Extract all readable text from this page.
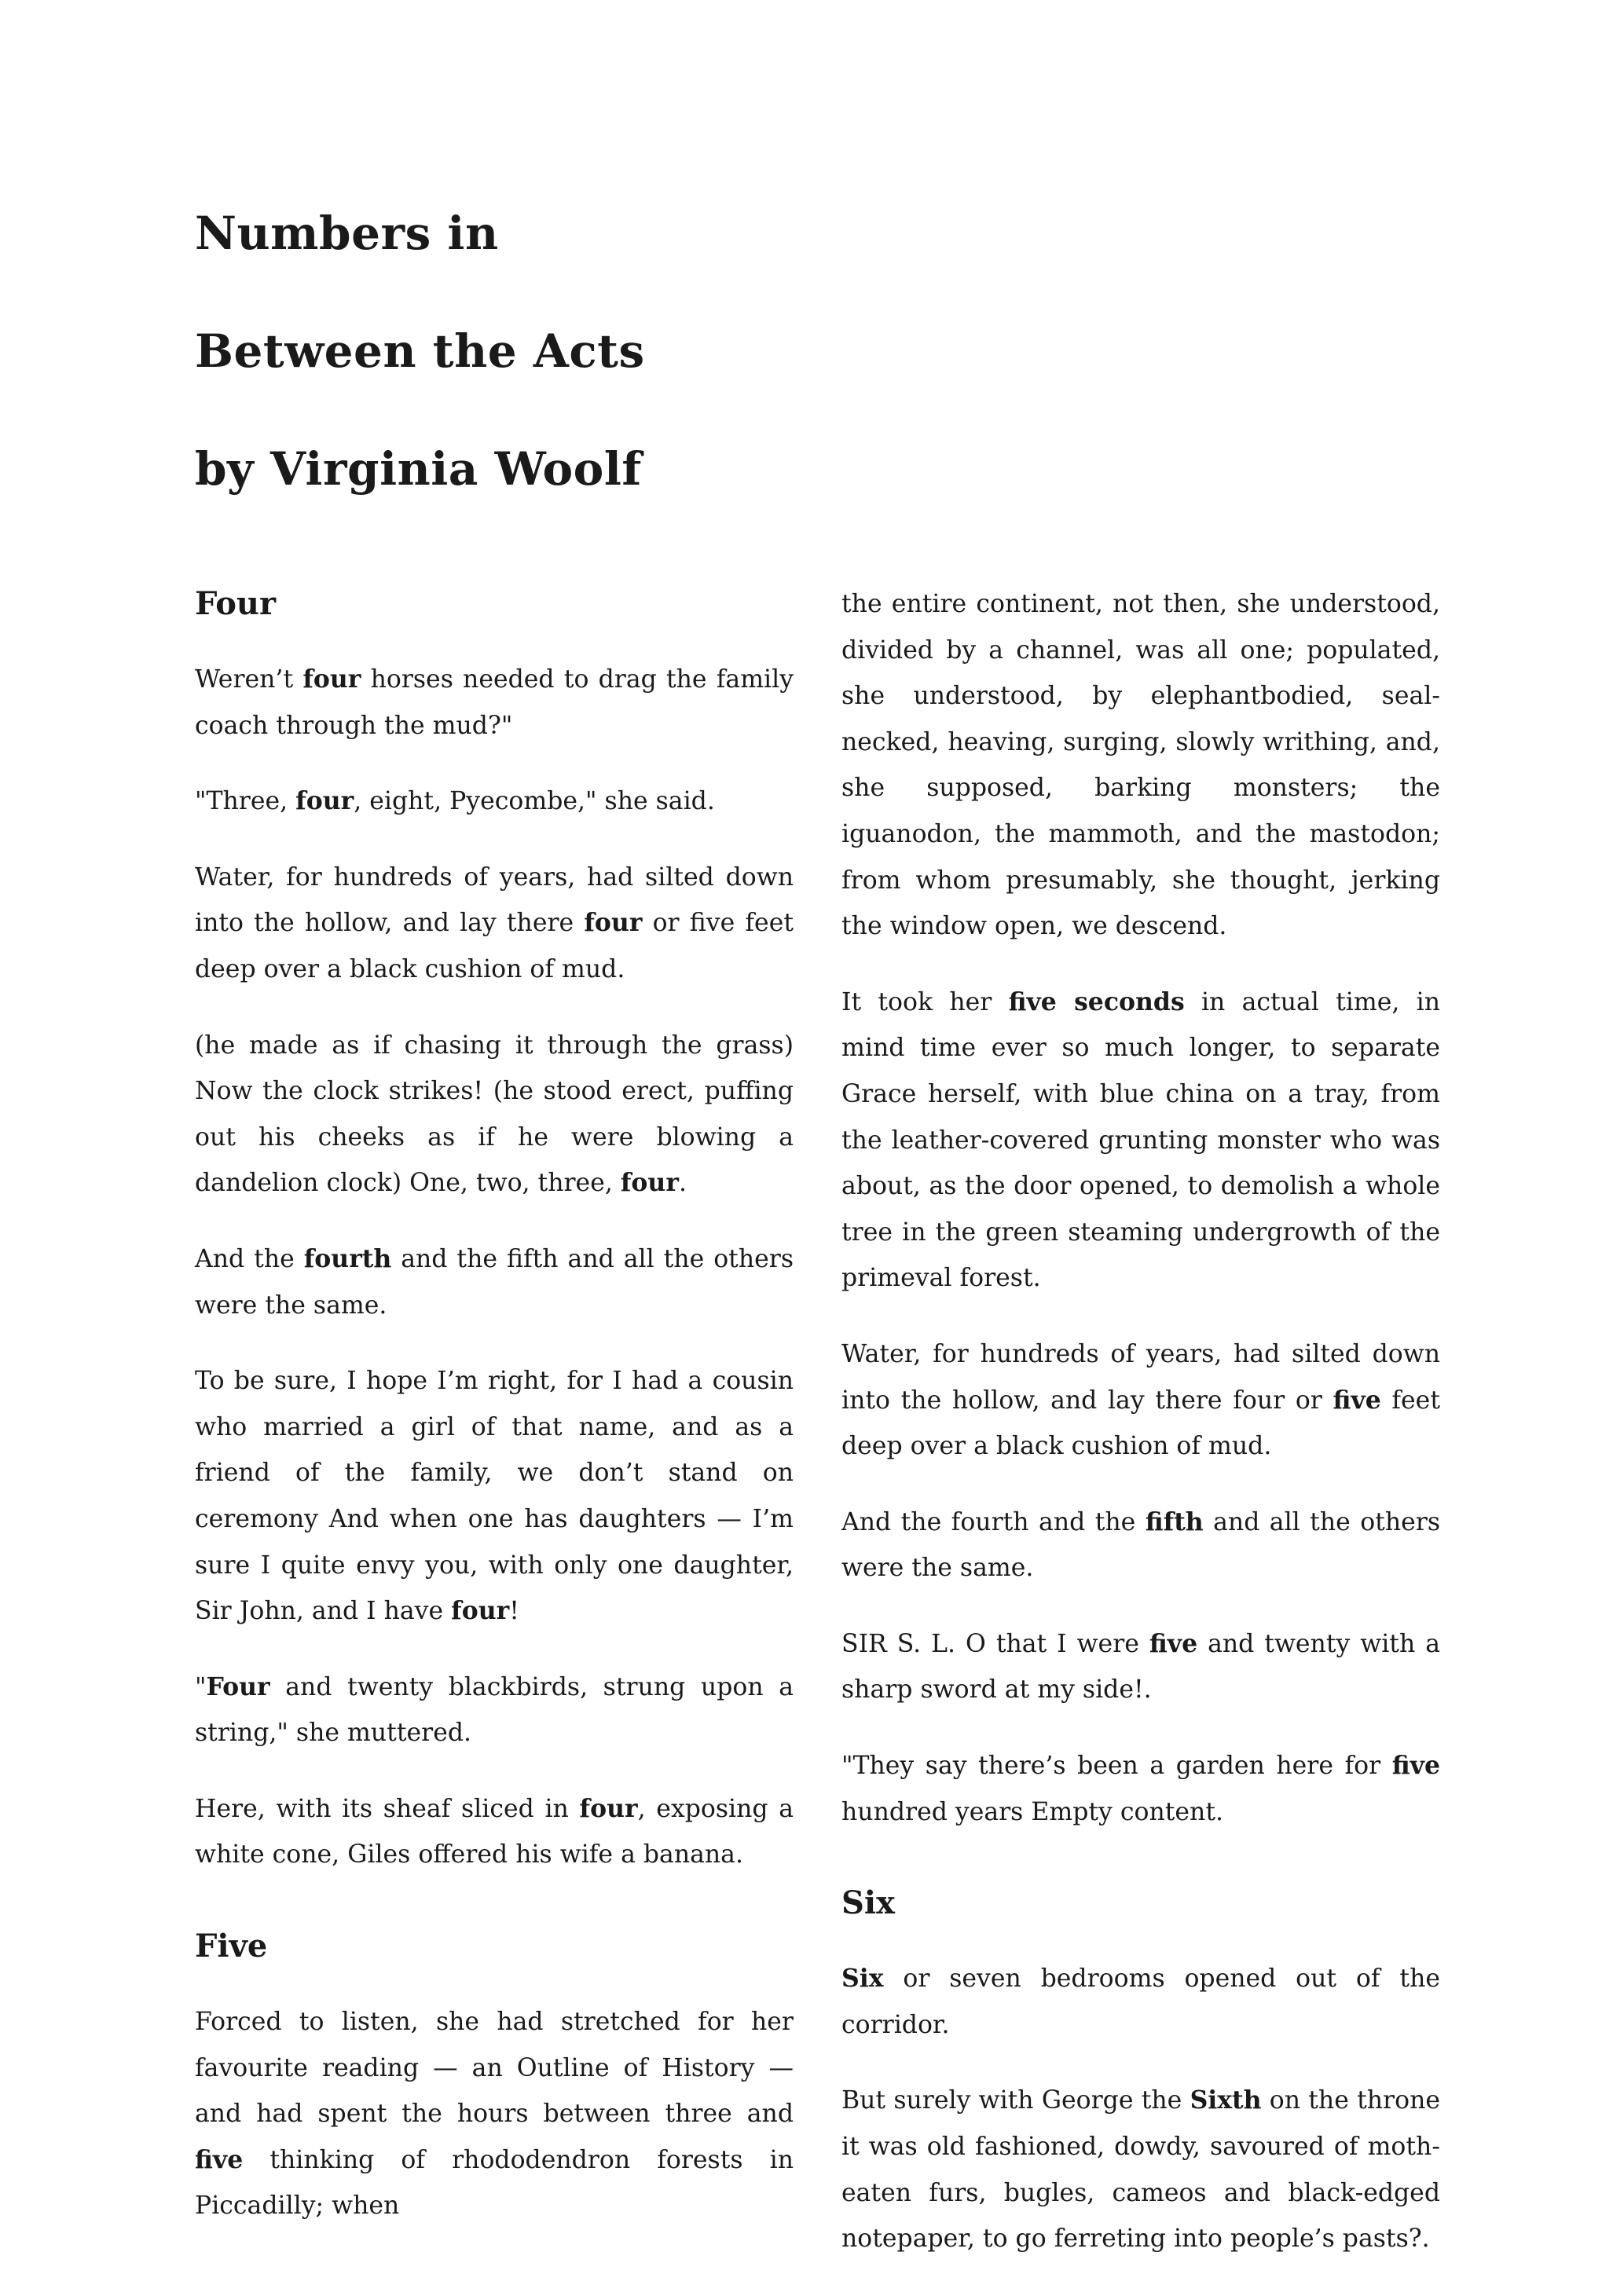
Numbers in
Between the Acts
by Virginia Woolf
Four

Weren’t four horses needed to drag the family coach through the mud?"

"Three, four, eight, Pyecombe," she said.

Water, for hundreds of years, had silted down into the hollow, and lay there four or five feet deep over a black cushion of mud.

(he made as if chasing it through the grass) Now the clock strikes! (he stood erect, puffing out his cheeks as if he were blowing a dandelion clock) One, two, three, four.

And the fourth and the fifth and all the others were the same.

To be sure, I hope I’m right, for I had a cousin who married a girl of that name, and as a friend of the family, we don’t stand on ceremony And when one has daughters — I’m sure I quite envy you, with only one daughter, Sir John, and I have four!

"Four and twenty blackbirds, strung upon a string," she muttered.

Here, with its sheaf sliced in four, exposing a white cone, Giles offered his wife a banana.

Five

Forced to listen, she had stretched for her favourite reading — an Outline of History — and had spent the hours between three and five thinking of rhododendron forests in Piccadilly; when

the entire continent, not then, she understood, divided by a channel, was all one; populated, she understood, by elephantbodied, seal-necked, heaving, surging, slowly writhing, and, she supposed, barking monsters; the iguanodon, the mammoth, and the mastodon; from whom presumably, she thought, jerking the window open, we descend.

It took her five seconds in actual time, in mind time ever so much longer, to separate Grace herself, with blue china on a tray, from the leather-covered grunting monster who was about, as the door opened, to demolish a whole tree in the green steaming undergrowth of the primeval forest.

Water, for hundreds of years, had silted down into the hollow, and lay there four or five feet deep over a black cushion of mud.

And the fourth and the fifth and all the others were the same.

SIR S. L. O that I were five and twenty with a sharp sword at my side!.

"They say there’s been a garden here for five hundred years Empty content.

Six

Six or seven bedrooms opened out of the corridor.

But surely with George the Sixth on the throne it was old fashioned, dowdy, savoured of moth-eaten furs, bugles, cameos and black-edged notepaper, to go ferreting into people’s pasts?.
